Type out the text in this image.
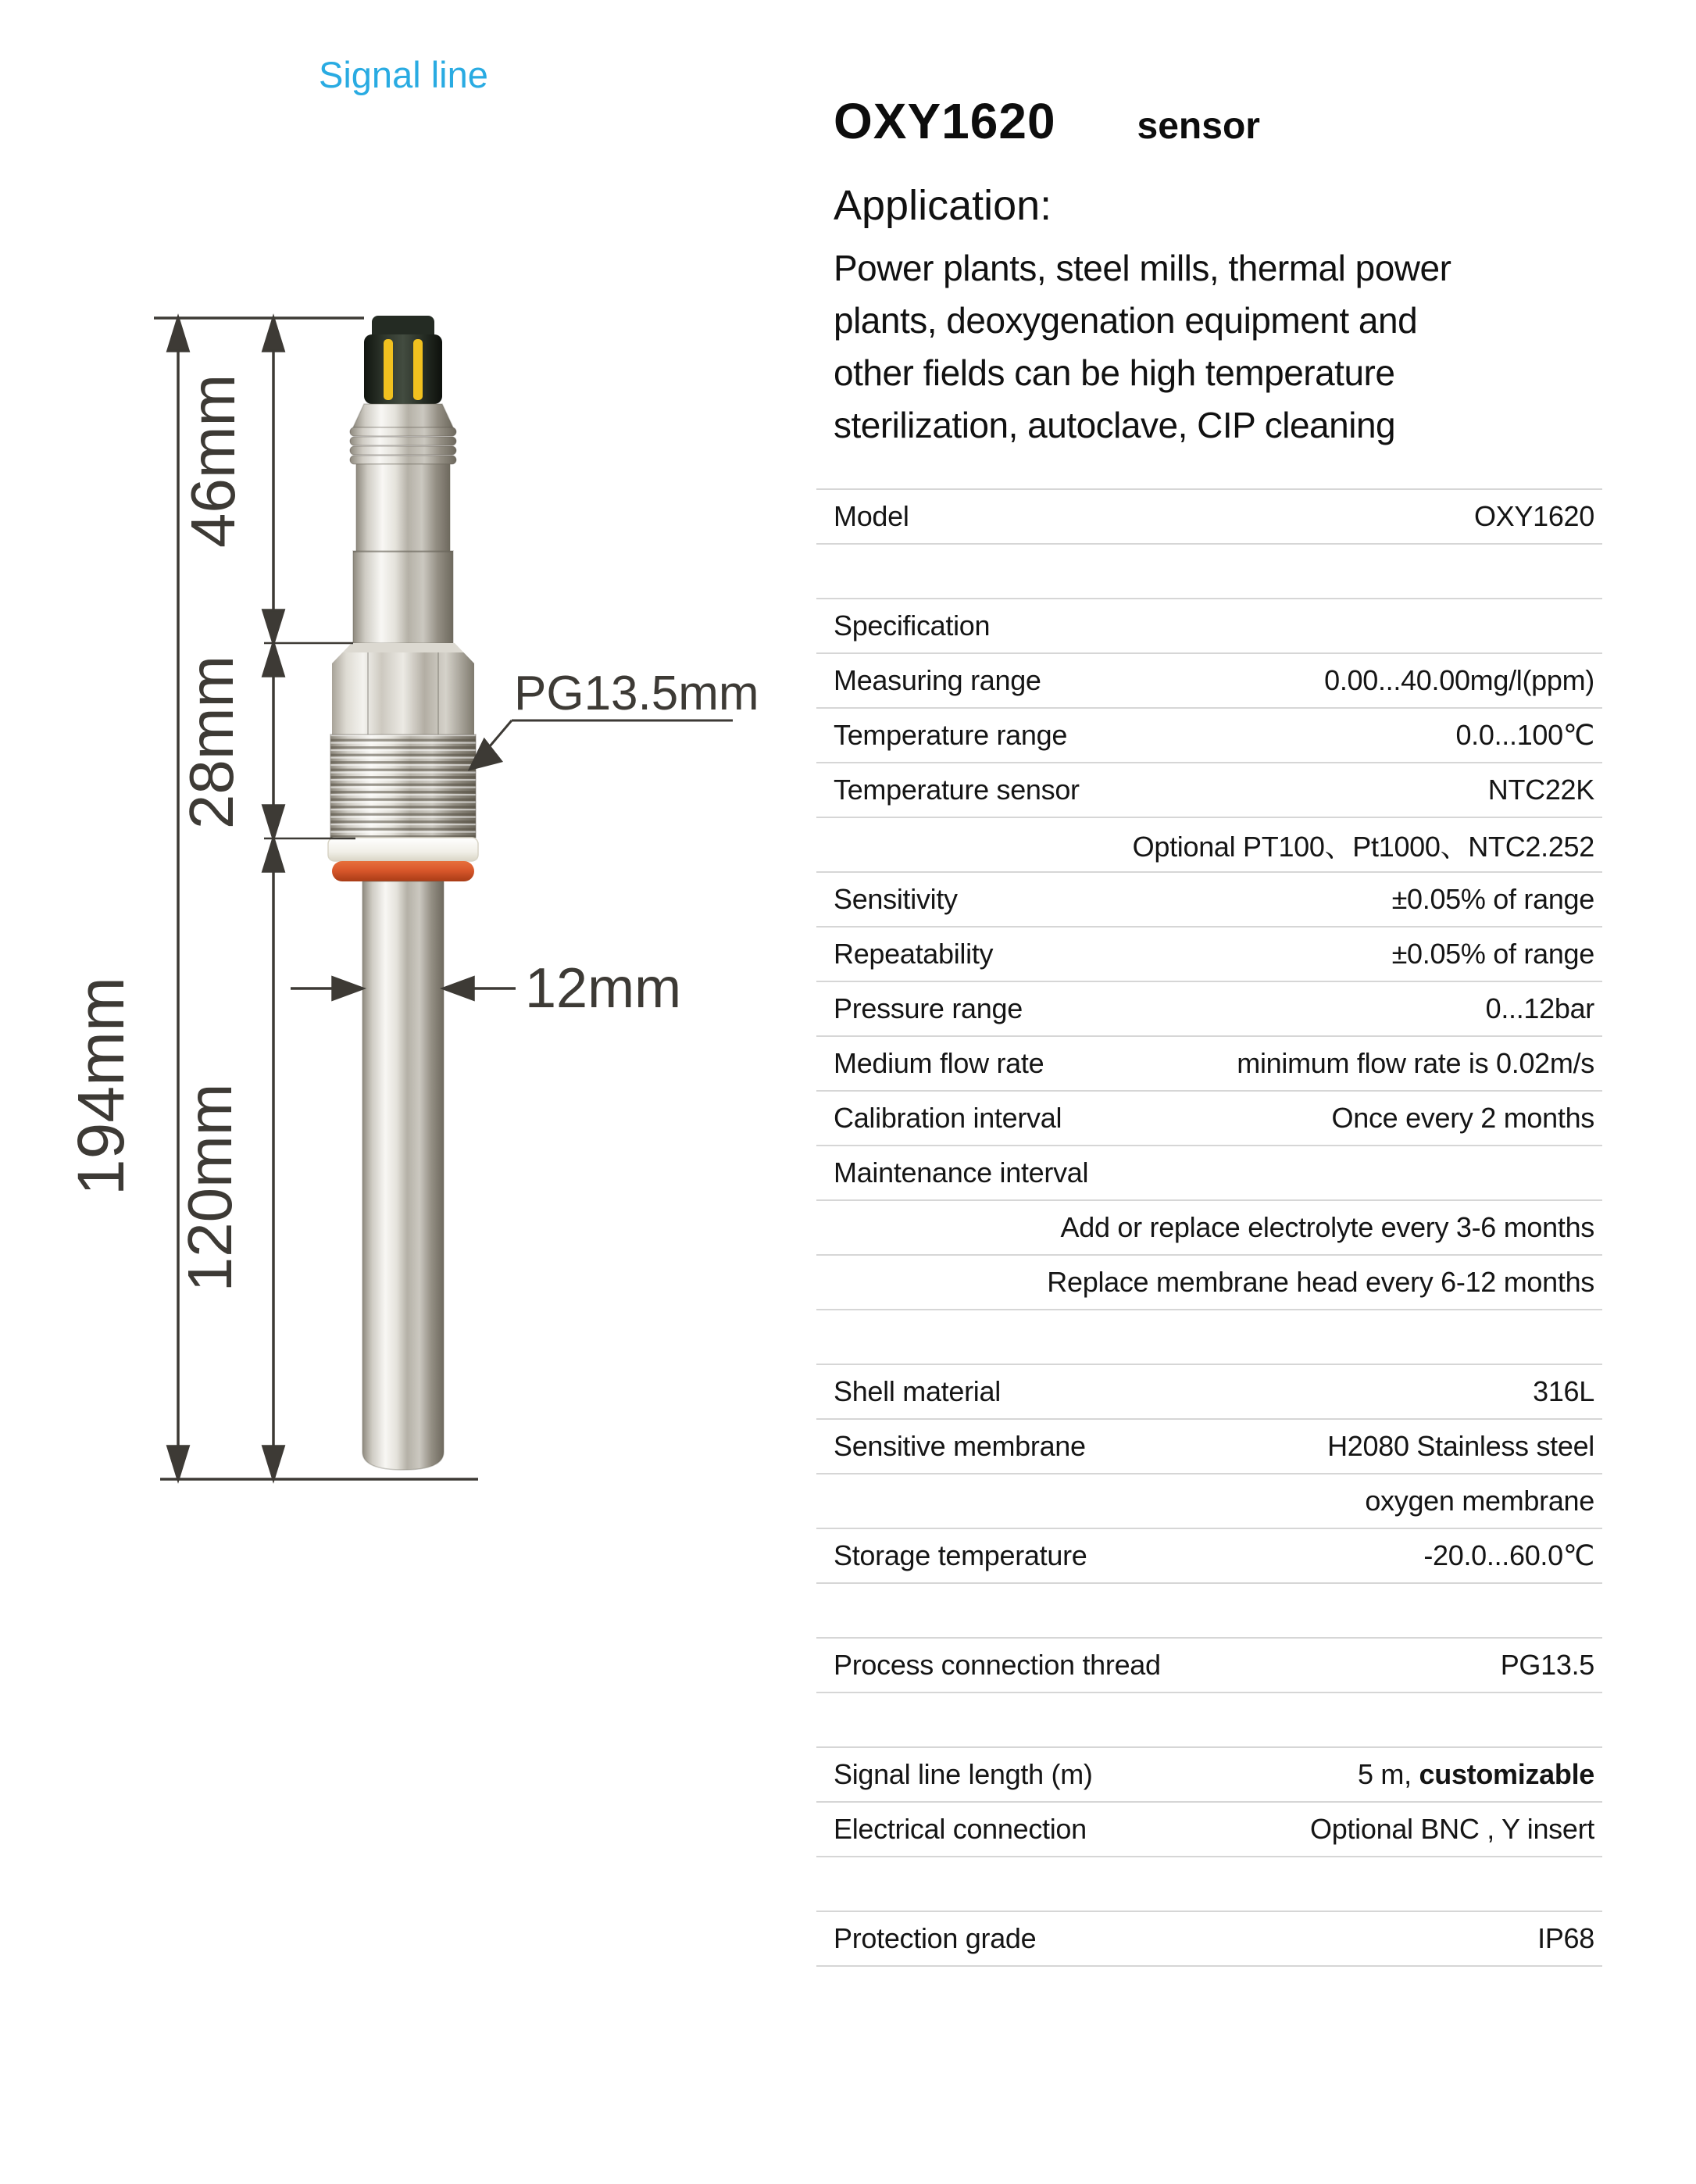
Signal line
194mm
46mm
28mm
120mm
12mm
PG13.5mm
OXY1620 sensor
Application:
Power plants, steel mills, thermal power
plants, deoxygenation equipment and
other fields can be high temperature
sterilization, autoclave, CIP cleaning
Model	OXY1620
Specification
Measuring range	0.00...40.00mg/l(ppm)
Temperature range	0.0...100℃
Temperature sensor	NTC22K
Optional PT100、Pt1000、NTC2.252
Sensitivity	±0.05% of range
Repeatability	±0.05% of range
Pressure range	0...12bar
Medium flow rate	minimum flow rate is 0.02m/s
Calibration interval	Once every 2 months
Maintenance interval
Add or replace electrolyte every 3-6 months
Replace membrane head every 6-12 months
Shell material	316L
Sensitive membrane	H2080 Stainless steel
oxygen membrane
Storage temperature	-20.0...60.0℃
Process connection thread	PG13.5
Signal line length (m)	5 m, customizable
Electrical connection	Optional BNC , Y insert
Protection grade	IP68
